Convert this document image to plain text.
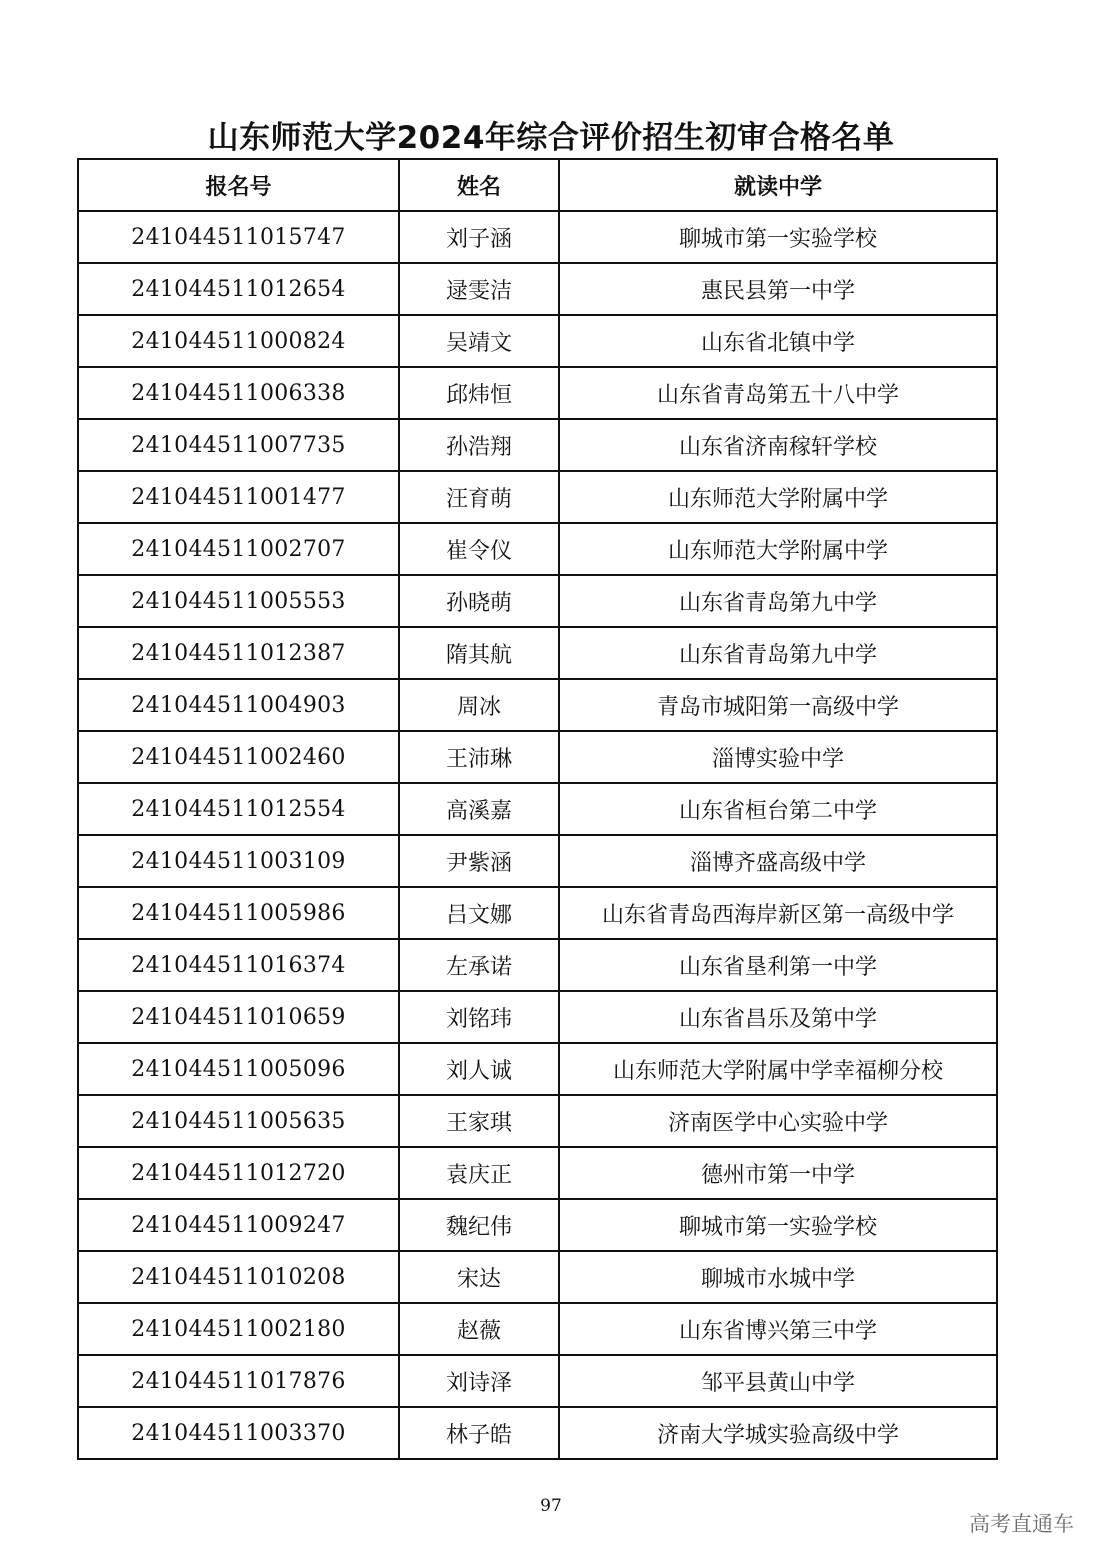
山东师范大学2024年综合评价招生初审合格名单
报名号	姓名	就读中学
241044511015747	刘子涵	聊城市第一实验学校
241044511012654	逯雯洁	惠民县第一中学
241044511000824	吴靖文	山东省北镇中学
241044511006338	邱炜恒	山东省青岛第五十八中学
241044511007735	孙浩翔	山东省济南稼轩学校
241044511001477	汪育萌	山东师范大学附属中学
241044511002707	崔令仪	山东师范大学附属中学
241044511005553	孙晓萌	山东省青岛第九中学
241044511012387	隋其航	山东省青岛第九中学
241044511004903	周冰	青岛市城阳第一高级中学
241044511002460	王沛琳	淄博实验中学
241044511012554	高溪嘉	山东省桓台第二中学
241044511003109	尹紫涵	淄博齐盛高级中学
241044511005986	吕文娜	山东省青岛西海岸新区第一高级中学
241044511016374	左承诺	山东省垦利第一中学
241044511010659	刘铭玮	山东省昌乐及第中学
241044511005096	刘人诚	山东师范大学附属中学幸福柳分校
241044511005635	王家琪	济南医学中心实验中学
241044511012720	袁庆正	德州市第一中学
241044511009247	魏纪伟	聊城市第一实验学校
241044511010208	宋达	聊城市水城中学
241044511002180	赵薇	山东省博兴第三中学
241044511017876	刘诗泽	邹平县黄山中学
241044511003370	林子皓	济南大学城实验高级中学
97
高考直通车
